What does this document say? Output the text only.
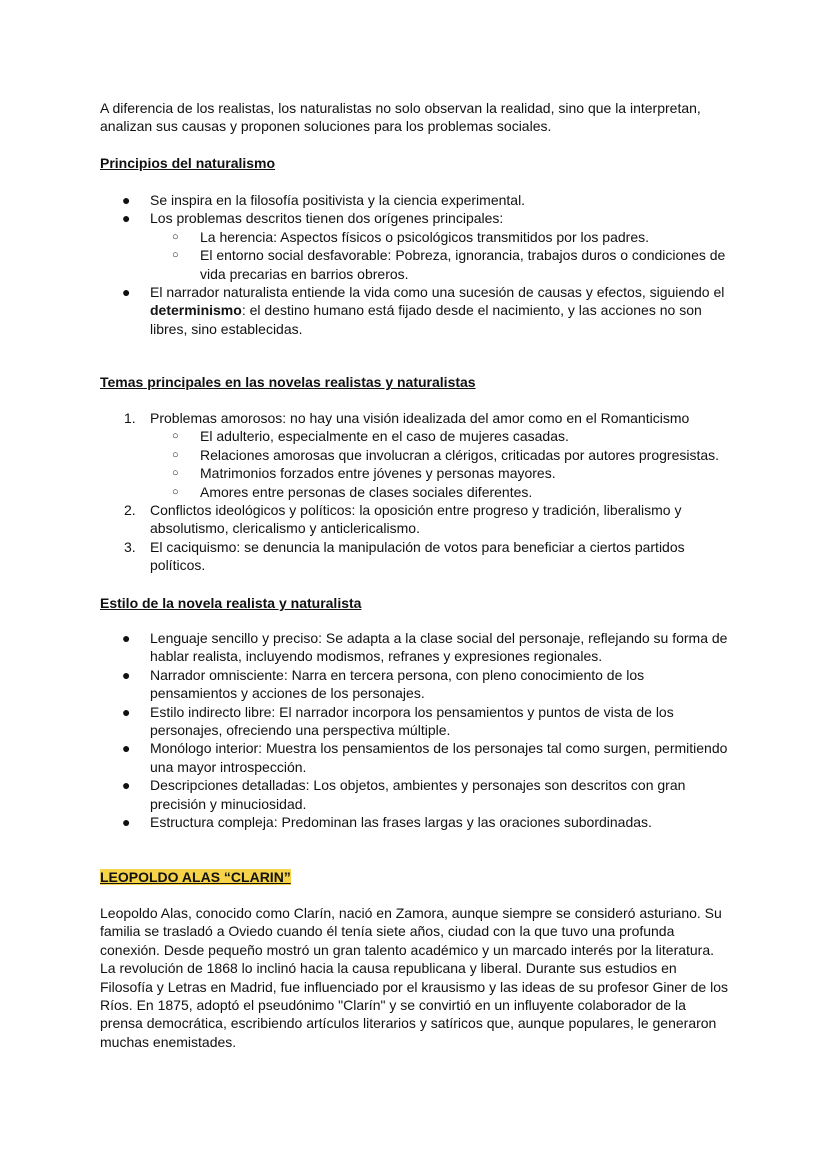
A diferencia de los realistas, los naturalistas no solo observan la realidad, sino que la interpretan, analizan sus causas y proponen soluciones para los problemas sociales.

Principios del naturalismo
● Se inspira en la filosofía positivista y la ciencia experimental.
● Los problemas descritos tienen dos orígenes principales:
○ La herencia: Aspectos físicos o psicológicos transmitidos por los padres.
○ El entorno social desfavorable: Pobreza, ignorancia, trabajos duros o condiciones de vida precarias en barrios obreros.
● El narrador naturalista entiende la vida como una sucesión de causas y efectos, siguiendo el determinismo: el destino humano está fijado desde el nacimiento, y las acciones no son libres, sino establecidas.
Temas principales en las novelas realistas y naturalistas
1. Problemas amorosos: no hay una visión idealizada del amor como en el Romanticismo
○ El adulterio, especialmente en el caso de mujeres casadas.
○ Relaciones amorosas que involucran a clérigos, criticadas por autores progresistas.
○ Matrimonios forzados entre jóvenes y personas mayores.
○ Amores entre personas de clases sociales diferentes.
2. Conflictos ideológicos y políticos: la oposición entre progreso y tradición, liberalismo y absolutismo, clericalismo y anticlericalismo.
3. El caciquismo: se denuncia la manipulación de votos para beneficiar a ciertos partidos políticos.
Estilo de la novela realista y naturalista
● Lenguaje sencillo y preciso: Se adapta a la clase social del personaje, reflejando su forma de hablar realista, incluyendo modismos, refranes y expresiones regionales.
● Narrador omnisciente: Narra en tercera persona, con pleno conocimiento de los pensamientos y acciones de los personajes.
● Estilo indirecto libre: El narrador incorpora los pensamientos y puntos de vista de los personajes, ofreciendo una perspectiva múltiple.
● Monólogo interior: Muestra los pensamientos de los personajes tal como surgen, permitiendo una mayor introspección.
● Descripciones detalladas: Los objetos, ambientes y personajes son descritos con gran precisión y minuciosidad.
● Estructura compleja: Predominan las frases largas y las oraciones subordinadas.
LEOPOLDO ALAS “CLARIN”

Leopoldo Alas, conocido como Clarín, nació en Zamora, aunque siempre se consideró asturiano. Su familia se trasladó a Oviedo cuando él tenía siete años, ciudad con la que tuvo una profunda conexión. Desde pequeño mostró un gran talento académico y un marcado interés por la literatura. La revolución de 1868 lo inclinó hacia la causa republicana y liberal. Durante sus estudios en Filosofía y Letras en Madrid, fue influenciado por el krausismo y las ideas de su profesor Giner de los Ríos. En 1875, adoptó el pseudónimo "Clarín" y se convirtió en un influyente colaborador de la prensa democrática, escribiendo artículos literarios y satíricos que, aunque populares, le generaron muchas enemistades.
